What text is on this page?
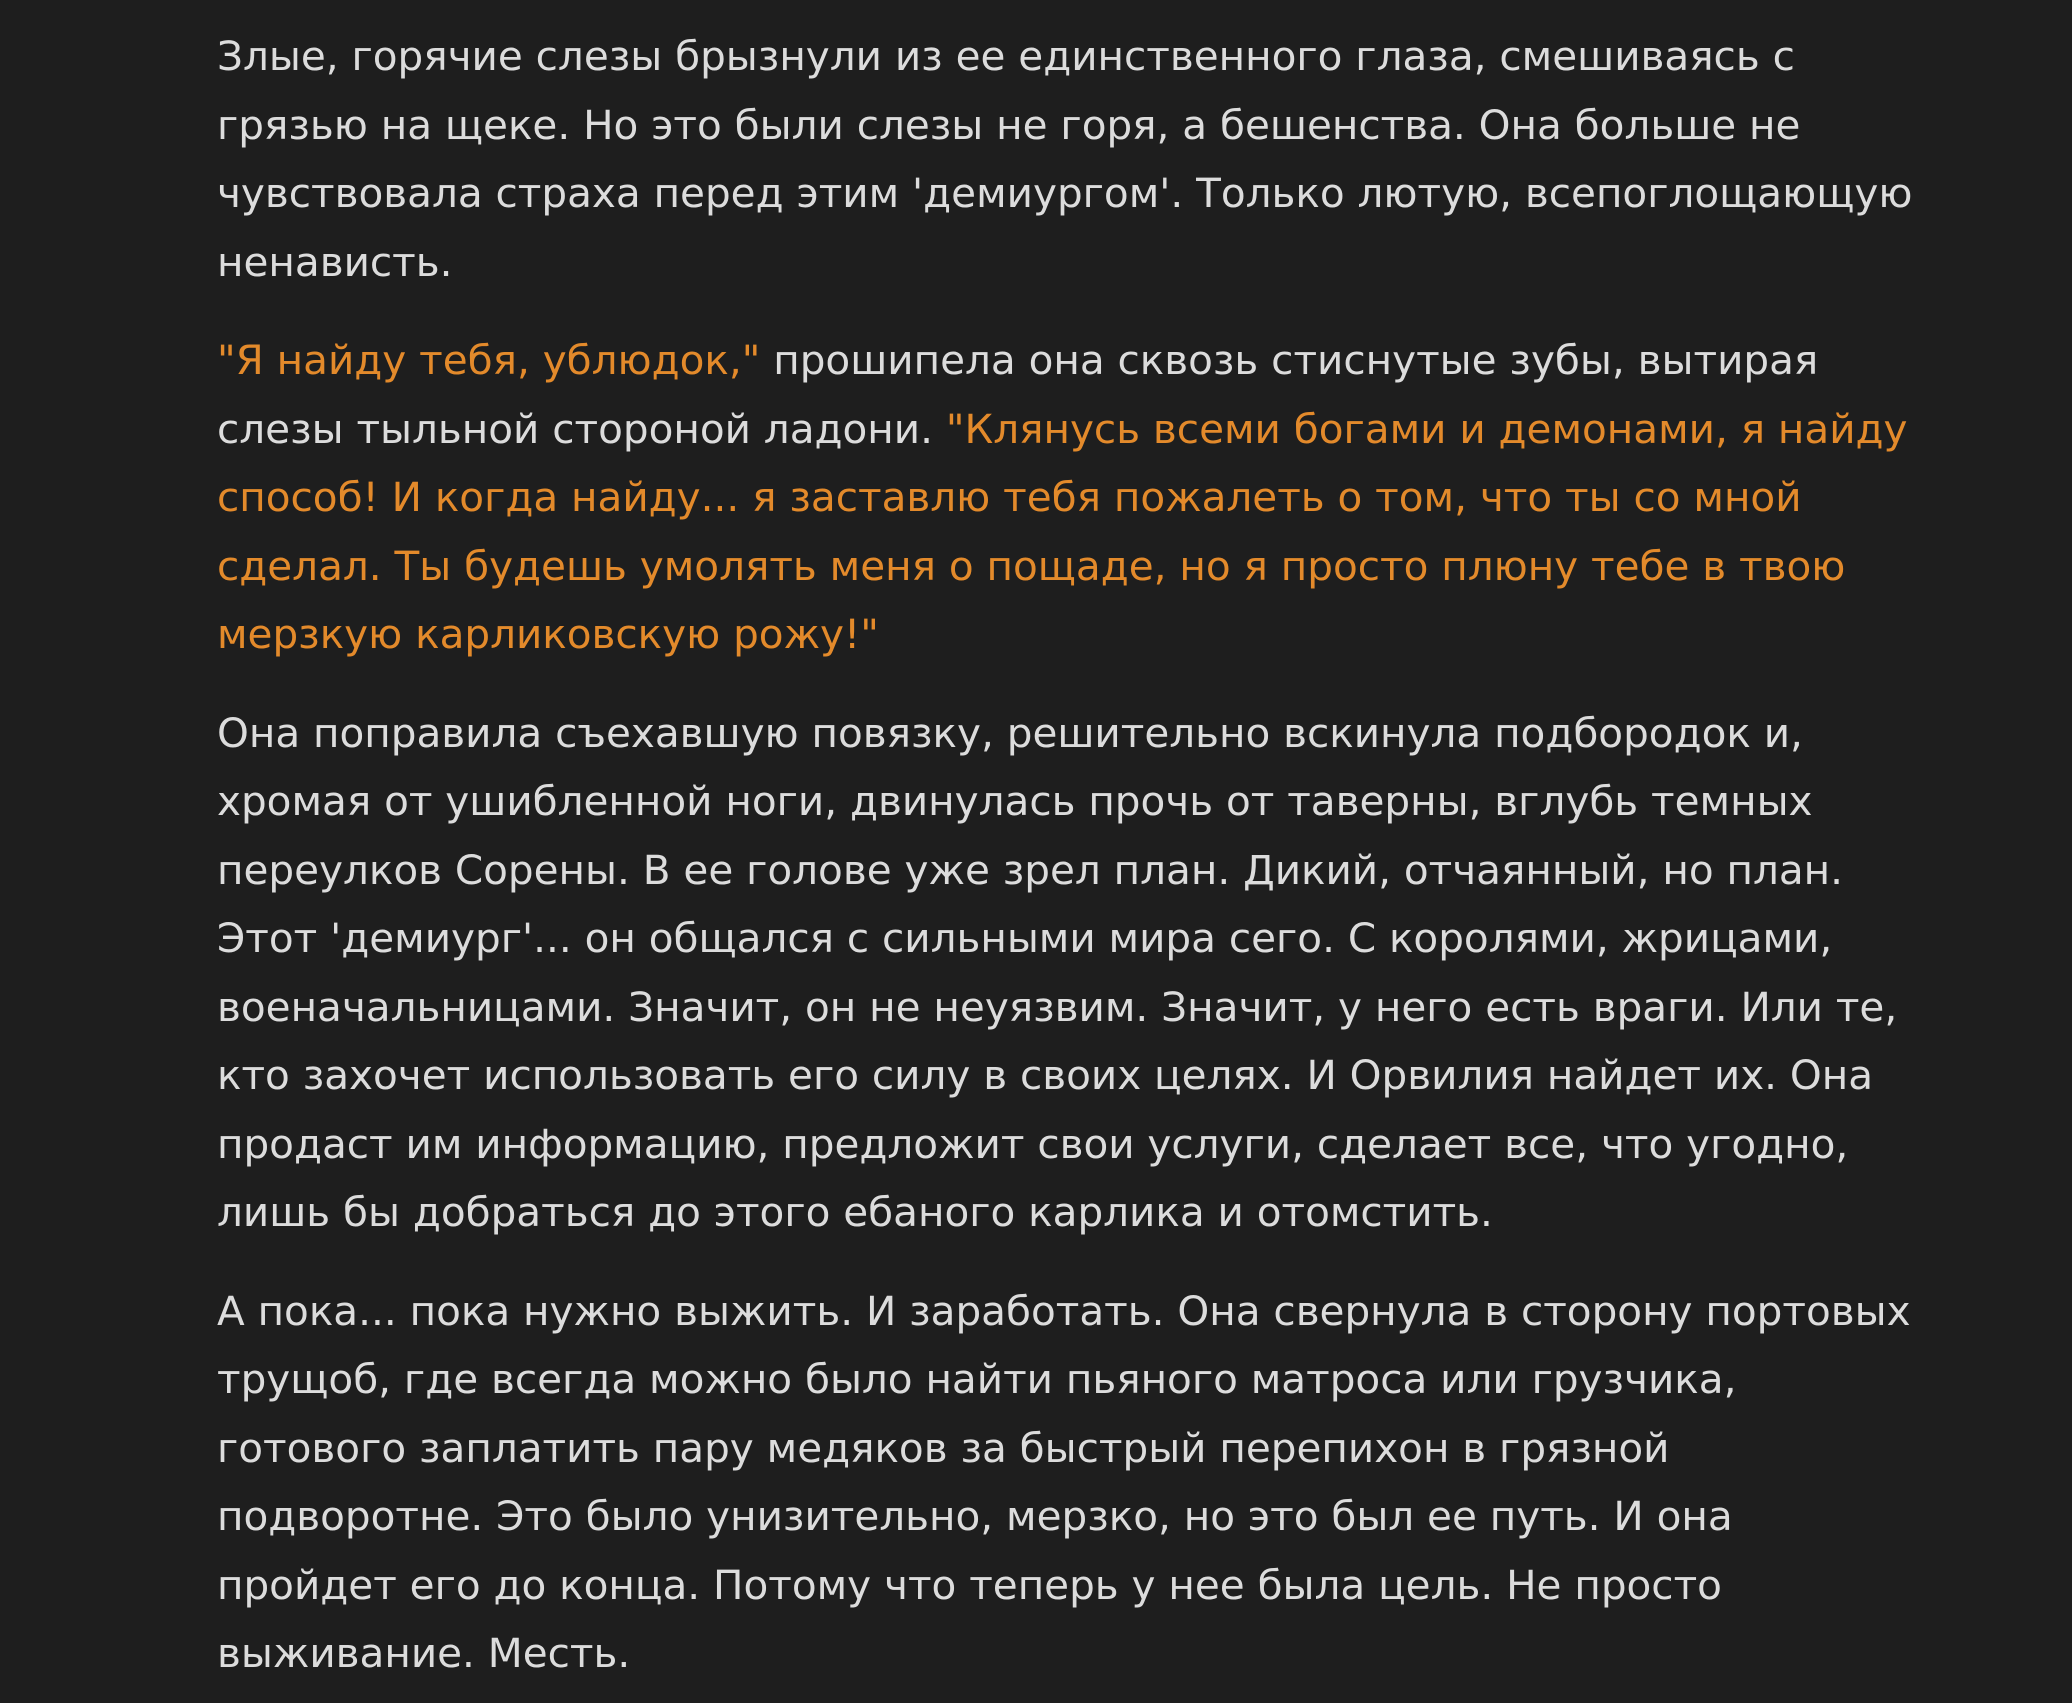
Злые, горячие слезы брызнули из ее единственного глаза, смешиваясь с грязью на щеке. Но это были слезы не горя, а бешенства. Она больше не чувствовала страха перед этим 'демиургом'. Только лютую, всепоглощающую ненависть.

"Я найду тебя, ублюдок," прошипела она сквозь стиснутые зубы, вытирая слезы тыльной стороной ладони. "Клянусь всеми богами и демонами, я найду способ! И когда найду... я заставлю тебя пожалеть о том, что ты со мной сделал. Ты будешь умолять меня о пощаде, но я просто плюну тебе в твою мерзкую карликовскую рожу!"

Она поправила съехавшую повязку, решительно вскинула подбородок и, хромая от ушибленной ноги, двинулась прочь от таверны, вглубь темных переулков Сорены. В ее голове уже зрел план. Дикий, отчаянный, но план. Этот 'демиург'... он общался с сильными мира сего. С королями, жрицами, военачальницами. Значит, он не неуязвим. Значит, у него есть враги. Или те, кто захочет использовать его силу в своих целях. И Орвилия найдет их. Она продаст им информацию, предложит свои услуги, сделает все, что угодно, лишь бы добраться до этого ебаного карлика и отомстить.

А пока... пока нужно выжить. И заработать. Она свернула в сторону портовых трущоб, где всегда можно было найти пьяного матроса или грузчика, готового заплатить пару медяков за быстрый перепихон в грязной подворотне. Это было унизительно, мерзко, но это был ее путь. И она пройдет его до конца. Потому что теперь у нее была цель. Не просто выживание. Месть.
